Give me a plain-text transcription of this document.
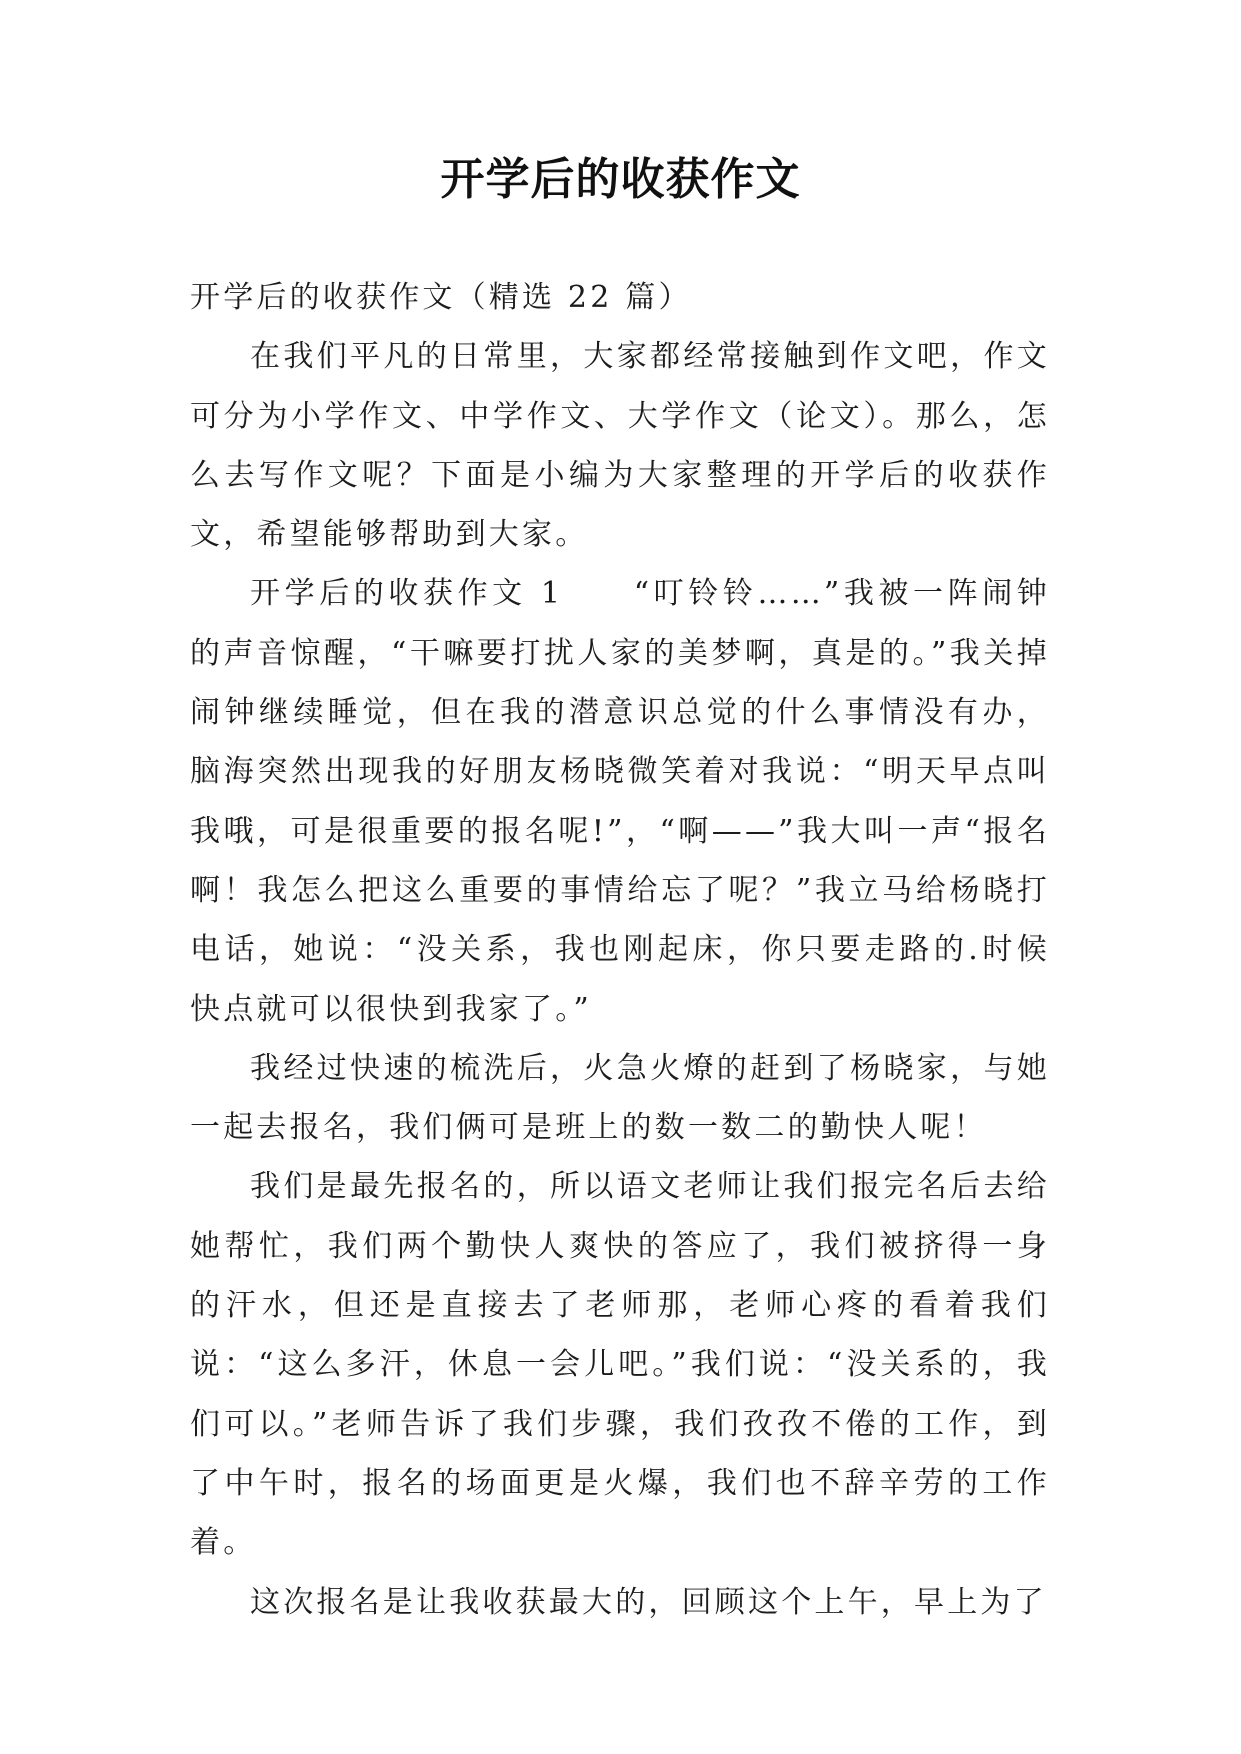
开学后的收获作文

开学后的收获作文（精选 22 篇）

在我们平凡的日常里，大家都经常接触到作文吧，作文可分为小学作文、中学作文、大学作文（论文）。那么，怎么去写作文呢？下面是小编为大家整理的开学后的收获作文，希望能够帮助到大家。

开学后的收获作文 1　　“叮铃铃……”我被一阵闹钟的声音惊醒，“干嘛要打扰人家的美梦啊，真是的。”我关掉闹钟继续睡觉，但在我的潜意识总觉的什么事情没有办，脑海突然出现我的好朋友杨晓微笑着对我说：“明天早点叫我哦，可是很重要的报名呢!”，“啊——”我大叫一声“报名啊！我怎么把这么重要的事情给忘了呢？”我立马给杨晓打电话，她说：“没关系，我也刚起床，你只要走路的.时候快点就可以很快到我家了。”

我经过快速的梳洗后，火急火燎的赶到了杨晓家，与她一起去报名，我们俩可是班上的数一数二的勤快人呢！

我们是最先报名的，所以语文老师让我们报完名后去给她帮忙，我们两个勤快人爽快的答应了，我们被挤得一身的汗水，但还是直接去了老师那，老师心疼的看着我们说：“这么多汗，休息一会儿吧。”我们说：“没关系的，我们可以。”老师告诉了我们步骤，我们孜孜不倦的工作，到了中午时，报名的场面更是火爆，我们也不辞辛劳的工作着。

这次报名是让我收获最大的，回顾这个上午，早上为了
